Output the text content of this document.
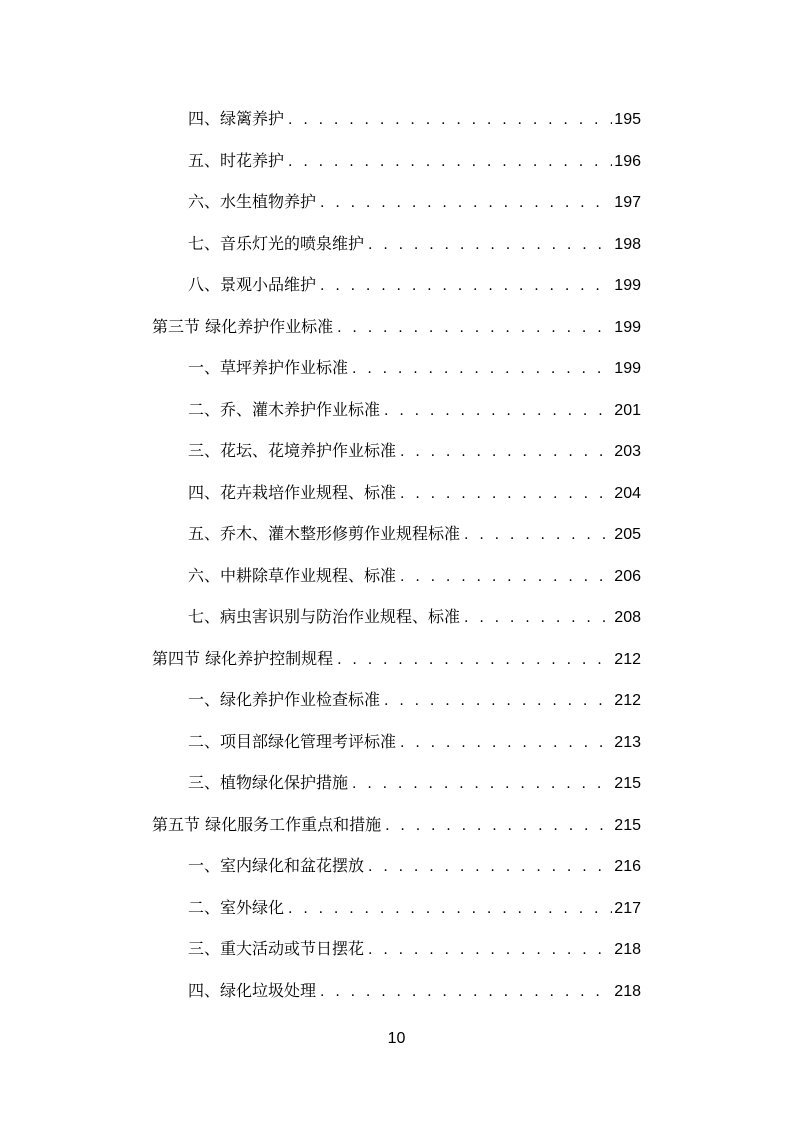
四、绿篱养护 . . .	195
五、时花养护 . . .	196
六、水生植物养护 . . .	197
七、音乐灯光的喷泉维护 . . .	198
八、景观小品维护 . . .	199
第三节 绿化养护作业标准 . . .	199
一、草坪养护作业标准 . . .	199
二、乔、灌木养护作业标准 . . .	201
三、花坛、花境养护作业标准 . . .	203
四、花卉栽培作业规程、标准 . . .	204
五、乔木、灌木整形修剪作业规程标准 . . .	205
六、中耕除草作业规程、标准 . . .	206
七、病虫害识别与防治作业规程、标准 . . .	208
第四节 绿化养护控制规程 . . .	212
一、绿化养护作业检查标准 . . .	212
二、项目部绿化管理考评标准 . . .	213
三、植物绿化保护措施 . . .	215
第五节 绿化服务工作重点和措施 . . .	215
一、室内绿化和盆花摆放 . . .	216
二、室外绿化 . . .	217
三、重大活动或节日摆花 . . .	218
四、绿化垃圾处理 . . .	218
10
